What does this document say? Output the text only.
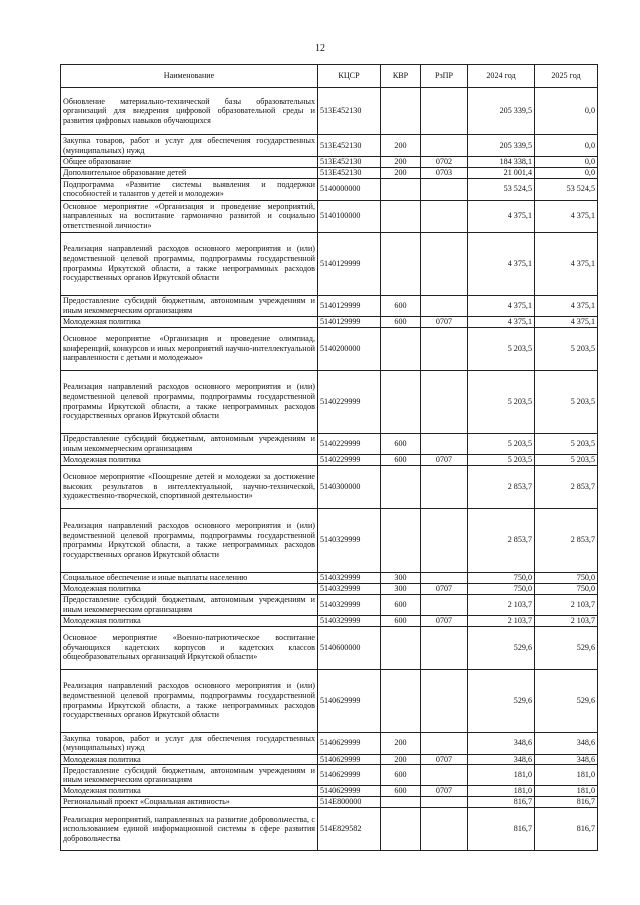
12
Наименование	КЦСР	КВР	РзПР	2024 год	2025 год
Обновление материально-технической базы образовательных организаций для внедрения цифровой образовательной среды и развития цифровых навыков обучающихся	513Е452130			205 339,5	0,0
Закупка товаров, работ и услуг для обеспечения государственных (муниципальных) нужд	513Е452130	200		205 339,5	0,0
Общее образование	513Е452130	200	0702	184 338,1	0,0
Дополнительное образование детей	513Е452130	200	0703	21 001,4	0,0
Подпрограмма «Развитие системы выявления и поддержки способностей и талантов у детей и молодежи»	5140000000			53 524,5	53 524,5
Основное мероприятие «Организация и проведение мероприятий, направленных на воспитание гармонично развитой и социально ответственной личности»	5140100000			4 375,1	4 375,1
Реализация направлений расходов основного мероприятия и (или) ведомственной целевой программы, подпрограммы государственной программы Иркутской области, а также непрограммных расходов государственных органов Иркутской области	5140129999			4 375,1	4 375,1
Предоставление субсидий бюджетным, автономным учреждениям и иным некоммерческим организациям	5140129999	600		4 375,1	4 375,1
Молодежная политика	5140129999	600	0707	4 375,1	4 375,1
Основное мероприятие «Организация и проведение олимпиад, конференций, конкурсов и иных мероприятий научно-интеллектуальной направленности с детьми и молодежью»	5140200000			5 203,5	5 203,5
Реализация направлений расходов основного мероприятия и (или) ведомственной целевой программы, подпрограммы государственной программы Иркутской области, а также непрограммных расходов государственных органов Иркутской области	5140229999			5 203,5	5 203,5
Предоставление субсидий бюджетным, автономным учреждениям и иным некоммерческим организациям	5140229999	600		5 203,5	5 203,5
Молодежная политика	5140229999	600	0707	5 203,5	5 203,5
Основное мероприятие «Поощрение детей и молодежи за достижение высоких результатов в интеллектуальной, научно-технической, художественно-творческой, спортивной деятельности»	5140300000			2 853,7	2 853,7
Реализация направлений расходов основного мероприятия и (или) ведомственной целевой программы, подпрограммы государственной программы Иркутской области, а также непрограммных расходов государственных органов Иркутской области	5140329999			2 853,7	2 853,7
Социальное обеспечение и иные выплаты населению	5140329999	300		750,0	750,0
Молодежная политика	5140329999	300	0707	750,0	750,0
Предоставление субсидий бюджетным, автономным учреждениям и иным некоммерческим организациям	5140329999	600		2 103,7	2 103,7
Молодежная политика	5140329999	600	0707	2 103,7	2 103,7
Основное мероприятие «Военно-патриотическое воспитание обучающихся кадетских корпусов и кадетских классов общеобразовательных организаций Иркутской области»	5140600000			529,6	529,6
Реализация направлений расходов основного мероприятия и (или) ведомственной целевой программы, подпрограммы государственной программы Иркутской области, а также непрограммных расходов государственных органов Иркутской области	5140629999			529,6	529,6
Закупка товаров, работ и услуг для обеспечения государственных (муниципальных) нужд	5140629999	200		348,6	348,6
Молодежная политика	5140629999	200	0707	348,6	348,6
Предоставление субсидий бюджетным, автономным учреждениям и иным некоммерческим организациям	5140629999	600		181,0	181,0
Молодежная политика	5140629999	600	0707	181,0	181,0
Региональный проект «Социальная активность»	514Е800000			816,7	816,7
Реализация мероприятий, направленных на развитие добровольчества, с использованием единой информационной системы в сфере развития добровольчества	514Е829582			816,7	816,7
